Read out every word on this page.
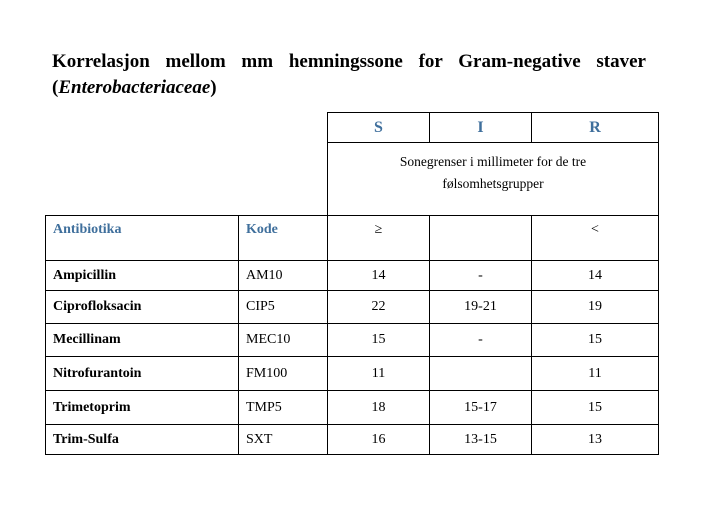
Korrelasjon mellom mm hemningssone for Gram-negative staver
(Enterobacteriaceae)
		S	I	R
		Sonegrenser i millimeter for de tre følsomhetsgrupper		
Antibiotika	Kode	≥		<
Ampicillin	AM10	14	-	14
Ciprofloksacin	CIP5	22	19-21	19
Mecillinam	MEC10	15	-	15
Nitrofurantoin	FM100	11		11
Trimetoprim	TMP5	18	15-17	15
Trim-Sulfa	SXT	16	13-15	13
